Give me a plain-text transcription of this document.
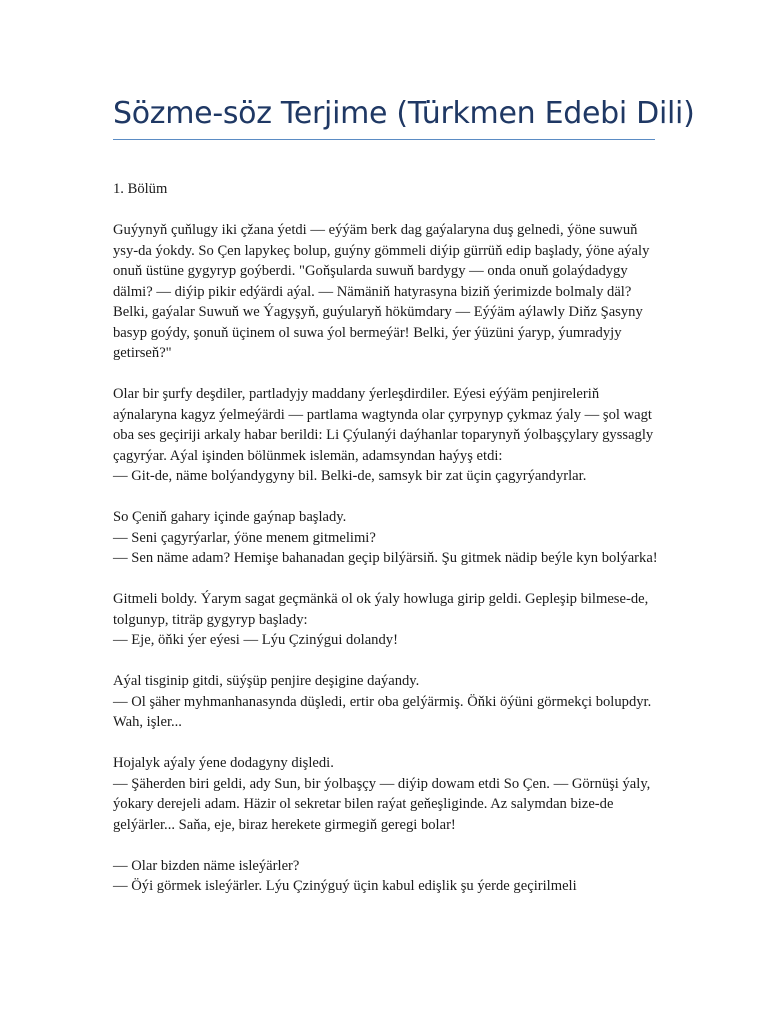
Sözme-söz Terjime (Türkmen Edebi Dili)

1. Bölüm

Guýynyň çuňlugy iki çžana ýetdi — eýýäm berk dag gaýalaryna duş gelnedi, ýöne suwuň ysy-da ýokdy. So Çen lapykeç bolup, guýny gömmeli diýip gürrüň edip başlady, ýöne aýaly onuň üstüne gygyryp goýberdi. "Goňşularda suwuň bardygy — onda onuň golaýdadygy dälmi? — diýip pikir edýärdi aýal. — Nämäniň hatyrasyna biziň ýerimizde bolmaly däl? Belki, gaýalar Suwuň we Ýagyşyň, guýularyň hökümdary — Eýýäm aýlawly Diňz Şasyny basyp goýdy, şonuň üçinem ol suwa ýol bermeýär! Belki, ýer ýüzüni ýaryp, ýumradyjy getirseň?"

Olar bir şurfy deşdiler, partladyjy maddany ýerleşdirdiler. Eýesi eýýäm penjireleriň aýnalaryna kagyz ýelmeýärdi — partlama wagtynda olar çyrpynyp çykmaz ýaly — şol wagt oba ses geçiriji arkaly habar berildi: Li Çýulanýi daýhanlar toparynyň ýolbaşçylary gyssagly çagyrýar. Aýal işinden bölünmek islemän, adamsyndan haýyş etdi:
— Git-de, näme bolýandygyny bil. Belki-de, samsyk bir zat üçin çagyrýandyrlar.

So Çeniň gahary içinde gaýnap başlady.
— Seni çagyrýarlar, ýöne menem gitmelimi?
— Sen näme adam? Hemişe bahanadan geçip bilýärsiň. Şu gitmek nädip beýle kyn bolýarka!

Gitmeli boldy. Ýarym sagat geçmänkä ol ok ýaly howluga girip geldi. Gepleşip bilmese-de, tolgunyp, titräp gygyryp başlady:
— Eje, öňki ýer eýesi — Lýu Çzinýgui dolandy!

Aýal tisginip gitdi, süýşüp penjire deşigine daýandy.
— Ol şäher myhmanhanasynda düşledi, ertir oba gelýärmiş. Öňki öýüni görmekçi bolupdyr. Wah, işler...

Hojalyk aýaly ýene dodagyny dişledi.
— Şäherden biri geldi, ady Sun, bir ýolbaşçy — diýip dowam etdi So Çen. — Görnüşi ýaly, ýokary derejeli adam. Häzir ol sekretar bilen raýat geňeşliginde. Az salymdan bize-de gelýärler... Saňa, eje, biraz herekete girmegiň geregi bolar!

— Olar bizden näme isleýärler?
— Öýi görmek isleýärler. Lýu Çzinýguý üçin kabul edişlik şu ýerde geçirilmeli
